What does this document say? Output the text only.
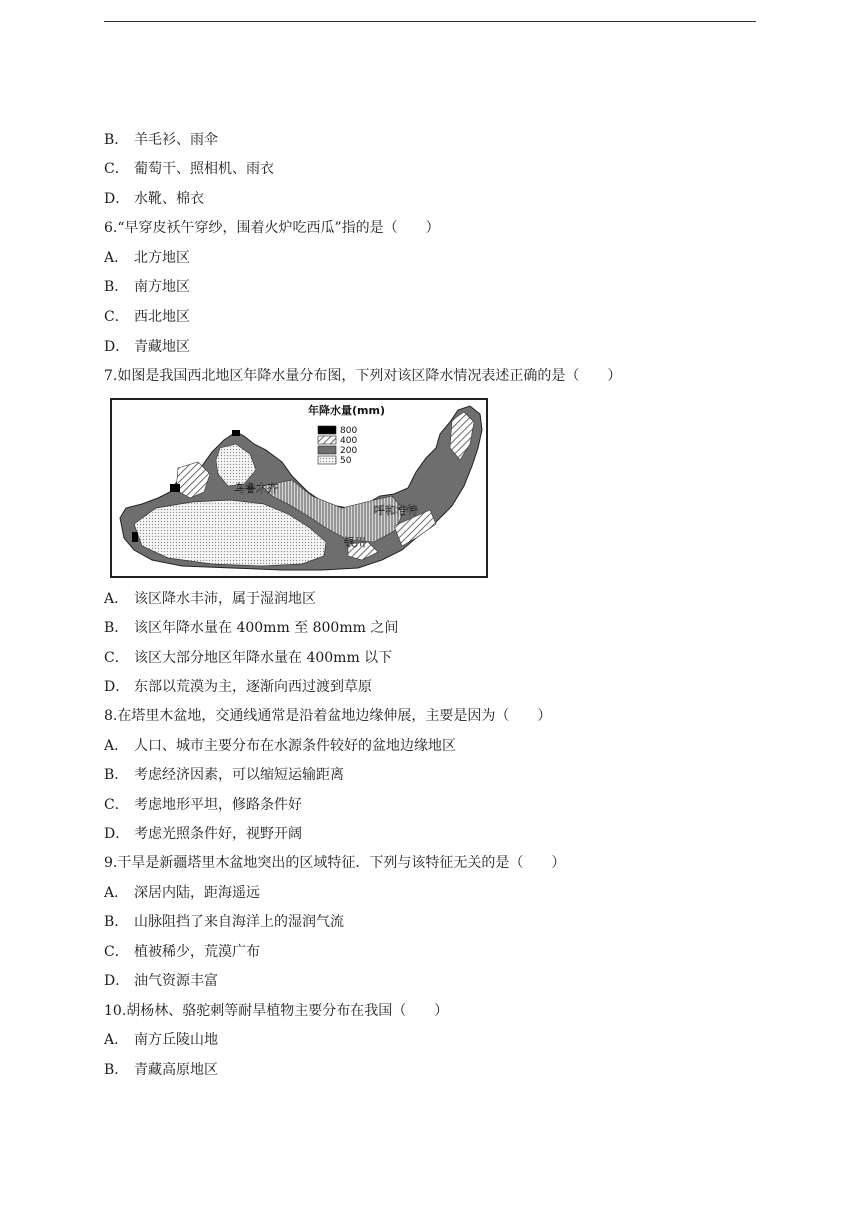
B． 羊毛衫、雨伞
C． 葡萄干、照相机、雨衣
D． 水靴、棉衣
6.“早穿皮袄午穿纱，围着火炉吃西瓜”指的是（　　）
A． 北方地区
B． 南方地区
C． 西北地区
D． 青藏地区
7.如图是我国西北地区年降水量分布图，下列对该区降水情况表述正确的是（　　）
年降水量(mm)
800
400
200
50
乌鲁木齐
呼和浩特
银川
A． 该区降水丰沛，属于湿润地区
B． 该区年降水量在 400mm 至 800mm 之间
C． 该区大部分地区年降水量在 400mm 以下
D． 东部以荒漠为主，逐渐向西过渡到草原
8.在塔里木盆地，交通线通常是沿着盆地边缘伸展，主要是因为（　　）
A． 人口、城市主要分布在水源条件较好的盆地边缘地区
B． 考虑经济因素，可以缩短运输距离
C． 考虑地形平坦，修路条件好
D． 考虑光照条件好，视野开阔
9.干旱是新疆塔里木盆地突出的区域特征．下列与该特征无关的是（　　）
A． 深居内陆，距海遥远
B． 山脉阻挡了来自海洋上的湿润气流
C． 植被稀少，荒漠广布
D． 油气资源丰富
10.胡杨林、骆驼刺等耐旱植物主要分布在我国（　　）
A． 南方丘陵山地
B． 青藏高原地区
